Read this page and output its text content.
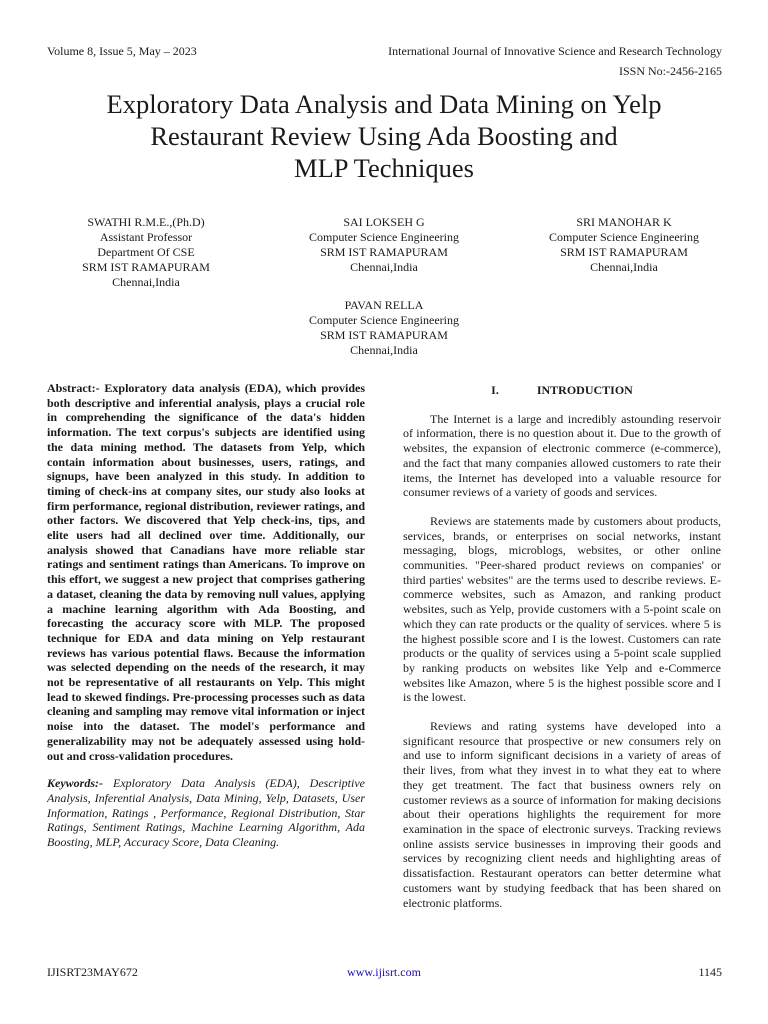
Volume 8, Issue 5, May – 2023	International Journal of Innovative Science and Research Technology
ISSN No:-2456-2165
Exploratory Data Analysis and Data Mining on Yelp
Restaurant Review Using Ada Boosting and
MLP Techniques
SWATHI R.M.E.,(Ph.D)
Assistant Professor
Department Of CSE
SRM IST RAMAPURAM
Chennai,India
SAI LOKSEH G
Computer Science Engineering
SRM IST RAMAPURAM
Chennai,India
SRI MANOHAR K
Computer Science Engineering
SRM IST RAMAPURAM
Chennai,India
PAVAN RELLA
Computer Science Engineering
SRM IST RAMAPURAM
Chennai,India

Abstract:- Exploratory data analysis (EDA), which provides both descriptive and inferential analysis, plays a crucial role in comprehending the significance of the data's hidden information. The text corpus's subjects are identified using the data mining method. The datasets from Yelp, which contain information about businesses, users, ratings, and signups, have been analyzed in this study. In addition to timing of check-ins at company sites, our study also looks at firm performance, regional distribution, reviewer ratings, and other factors. We discovered that Yelp check-ins, tips, and elite users had all declined over time. Additionally, our analysis showed that Canadians have more reliable star ratings and sentiment ratings than Americans. To improve on this effort, we suggest a new project that comprises gathering a dataset, cleaning the data by removing null values, applying a machine learning algorithm with Ada Boosting, and forecasting the accuracy score with MLP. The proposed technique for EDA and data mining on Yelp restaurant reviews has various potential flaws. Because the information was selected depending on the needs of the research, it may not be representative of all restaurants on Yelp. This might lead to skewed findings. Pre-processing processes such as data cleaning and sampling may remove vital information or inject noise into the dataset. The model's performance and generalizability may not be adequately assessed using hold-out and cross-validation procedures.

Keywords:- Exploratory Data Analysis (EDA), Descriptive Analysis, Inferential Analysis, Data Mining, Yelp, Datasets, User Information, Ratings , Performance, Regional Distribution, Star Ratings, Sentiment Ratings, Machine Learning Algorithm, Ada Boosting, MLP, Accuracy Score, Data Cleaning.

I.	INTRODUCTION

The Internet is a large and incredibly astounding reservoir of information, there is no question about it. Due to the growth of websites, the expansion of electronic commerce (e-commerce), and the fact that many companies allowed customers to rate their items, the Internet has developed into a valuable resource for consumer reviews of a variety of goods and services.

Reviews are statements made by customers about products, services, brands, or enterprises on social networks, instant messaging, blogs, microblogs, websites, or other online communities. "Peer-shared product reviews on companies' or third parties' websites" are the terms used to describe reviews. E-commerce websites, such as Amazon, and ranking product websites, such as Yelp, provide customers with a 5-point scale on which they can rate products or the quality of services. where 5 is the highest possible score and I is the lowest. Customers can rate products or the quality of services using a 5-point scale supplied by ranking products on websites like Yelp and e-Commerce websites like Amazon, where 5 is the highest possible score and I is the lowest.

Reviews and rating systems have developed into a significant resource that prospective or new consumers rely on and use to inform significant decisions in a variety of areas of their lives, from what they invest in to what they eat to where they get treatment. The fact that business owners rely on customer reviews as a source of information for making decisions about their operations highlights the requirement for more examination in the space of electronic surveys. Tracking reviews online assists service businesses in improving their goods and services by recognizing client needs and highlighting areas of dissatisfaction. Restaurant operators can better determine what customers want by studying feedback that has been shared on electronic platforms.

IJISRT23MAY672	www.ijisrt.com	1145
